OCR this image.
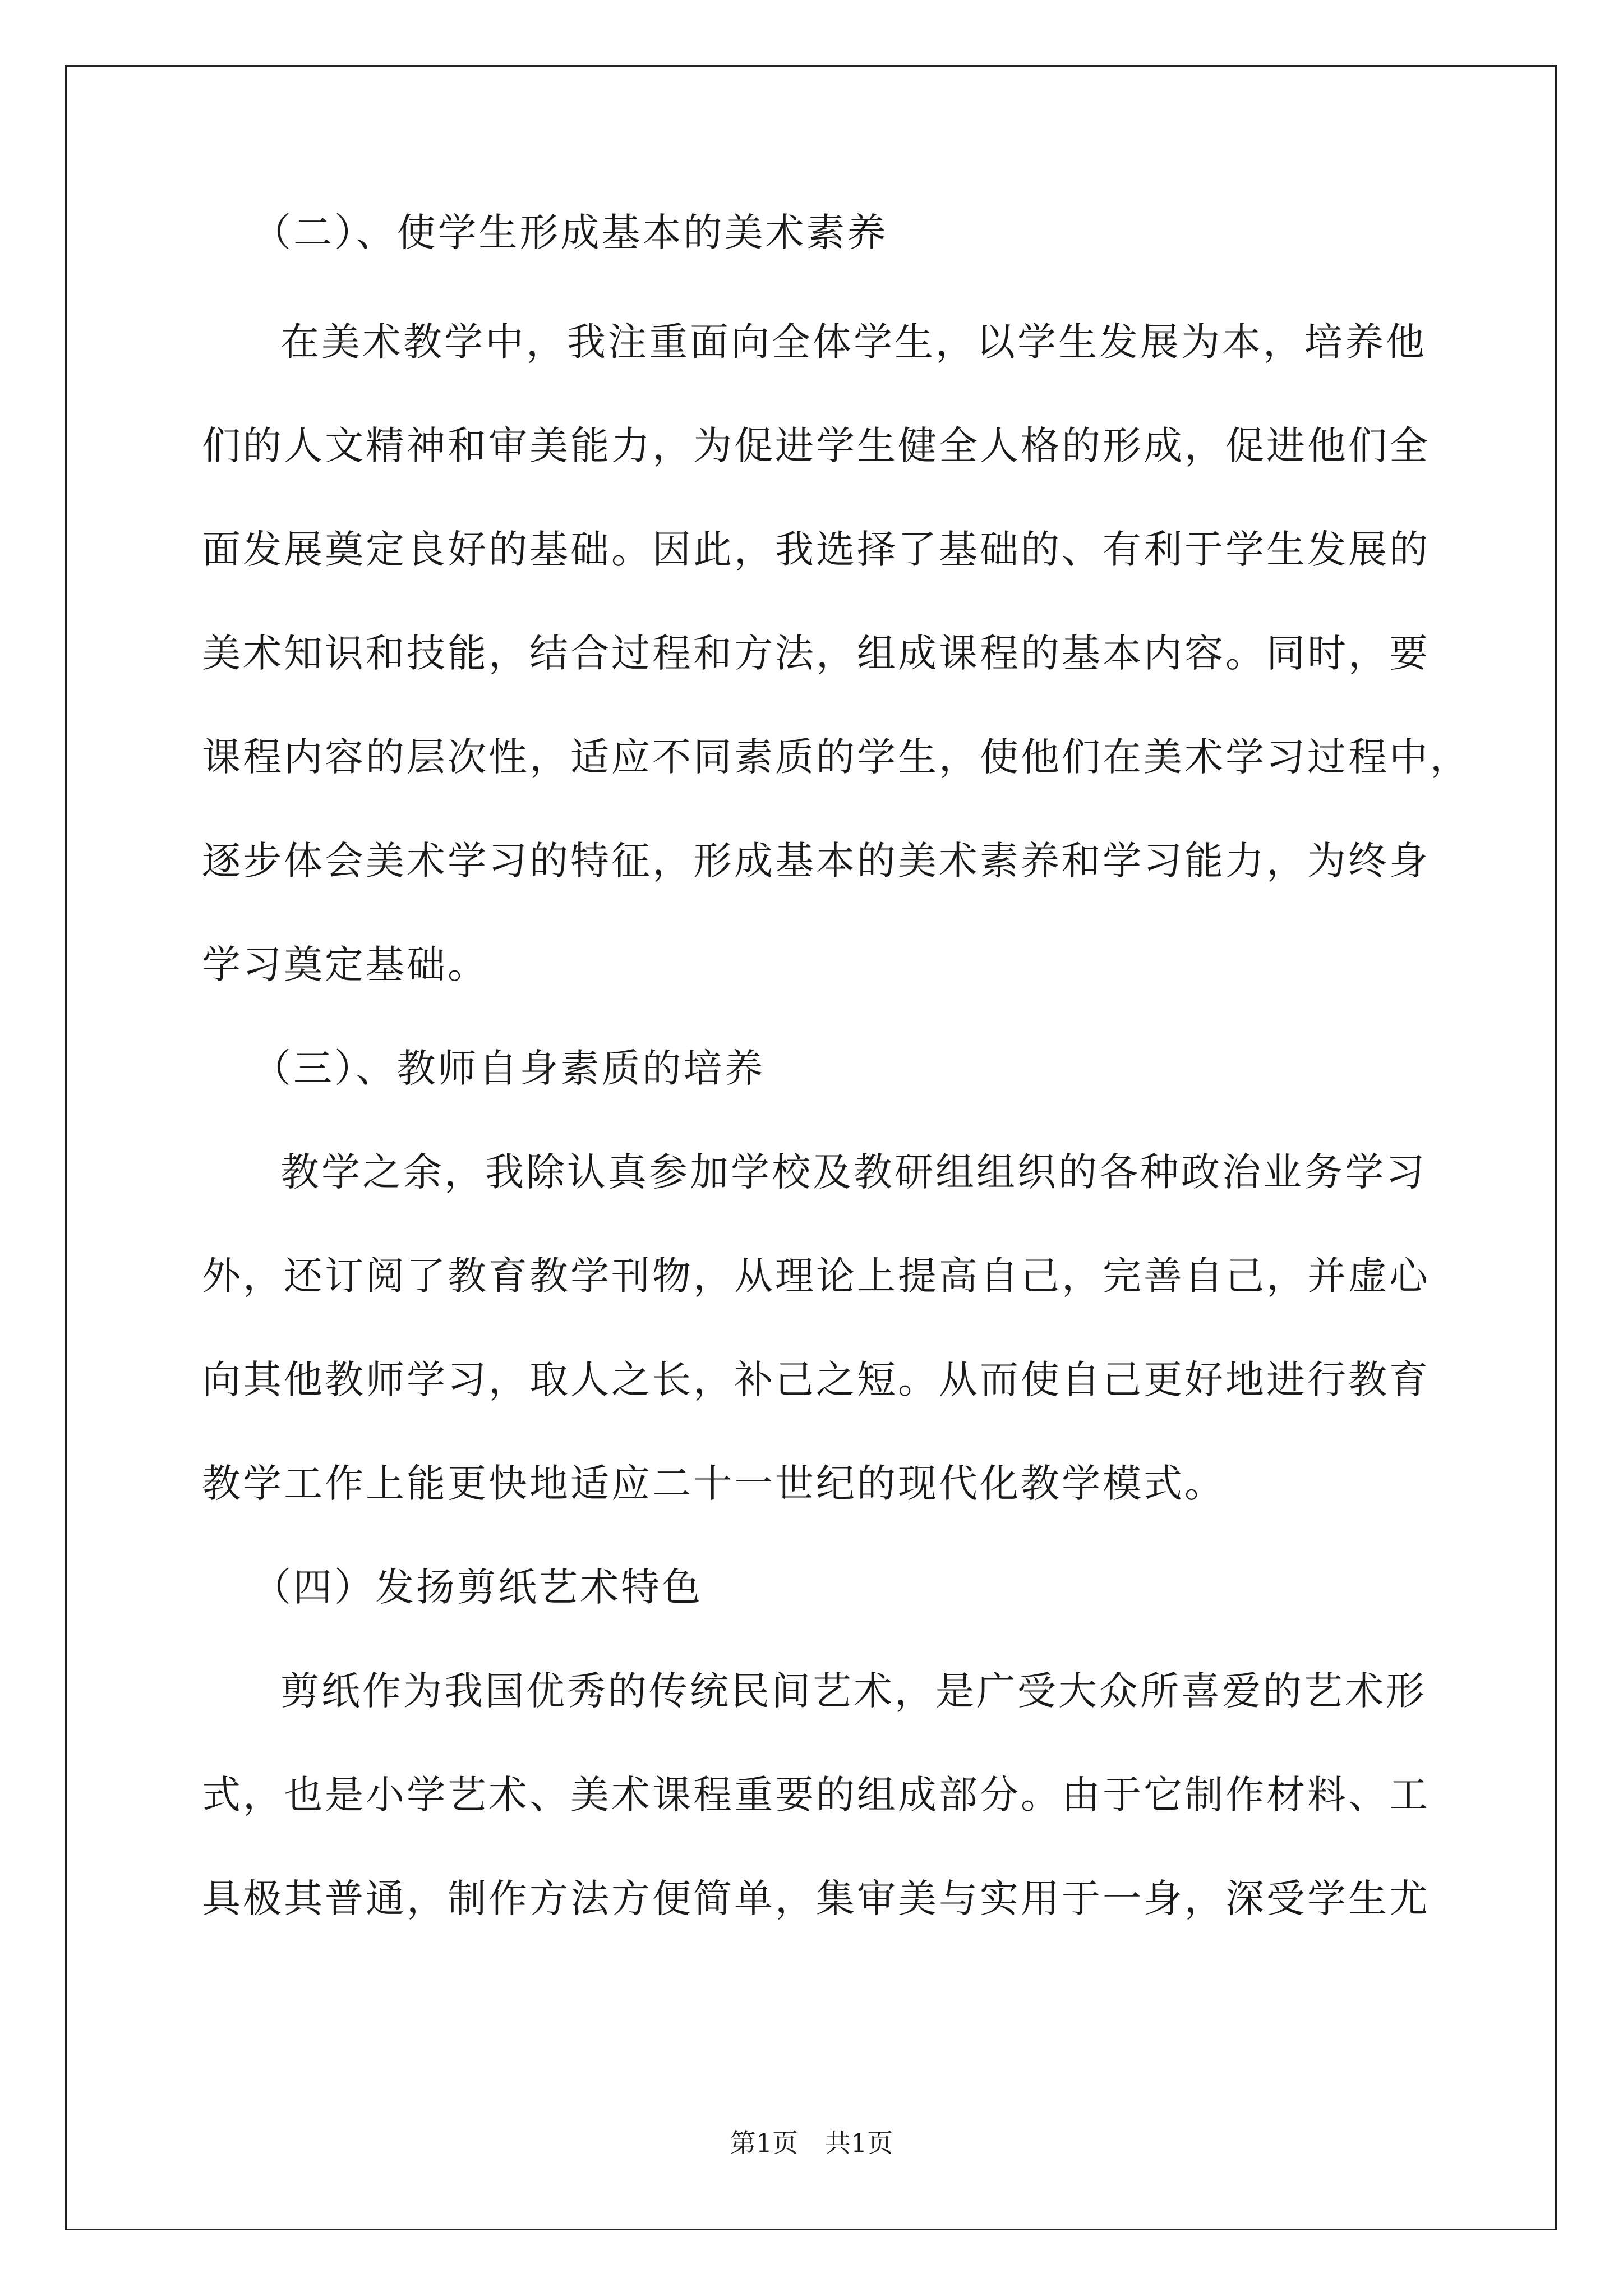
（二）、使学生形成基本的美术素养
在美术教学中，我注重面向全体学生，以学生发展为本，培养他
们的人文精神和审美能力，为促进学生健全人格的形成，促进他们全
面发展奠定良好的基础。因此，我选择了基础的、有利于学生发展的
美术知识和技能，结合过程和方法，组成课程的基本内容。同时，要
课程内容的层次性，适应不同素质的学生，使他们在美术学习过程中，
逐步体会美术学习的特征，形成基本的美术素养和学习能力，为终身
学习奠定基础。
（三）、教师自身素质的培养
教学之余，我除认真参加学校及教研组组织的各种政治业务学习
外，还订阅了教育教学刊物，从理论上提高自己，完善自己，并虚心
向其他教师学习，取人之长，补己之短。从而使自己更好地进行教育
教学工作上能更快地适应二十一世纪的现代化教学模式。
（四）发扬剪纸艺术特色
剪纸作为我国优秀的传统民间艺术，是广受大众所喜爱的艺术形
式，也是小学艺术、美术课程重要的组成部分。由于它制作材料、工
具极其普通，制作方法方便简单，集审美与实用于一身，深受学生尤
第1页 共1页
